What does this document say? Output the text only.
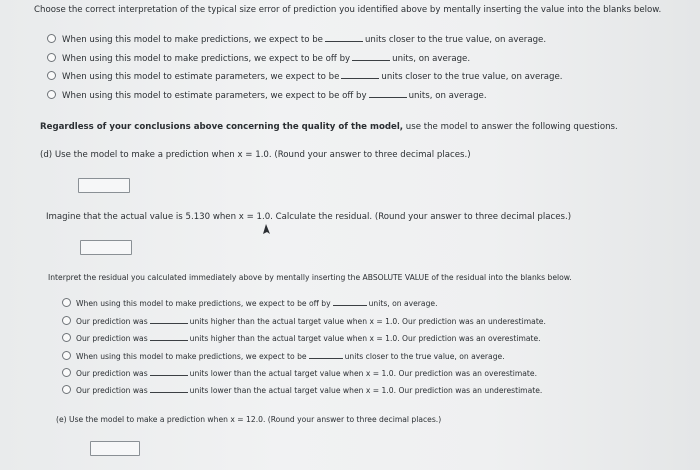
Choose the correct interpretation of the typical size error of prediction you identified above by mentally inserting the value into the blanks below.
When using this model to make predictions, we expect to be	units closer to the true value, on average.
When using this model to make predictions, we expect to be off by	units, on average.
When using this model to estimate parameters, we expect to be	units closer to the true value, on average.
When using this model to estimate parameters, we expect to be off by	units, on average.
Regardless of your conclusions above concerning the quality of the model, use the model to answer the following questions.
(d) Use the model to make a prediction when x = 1.0. (Round your answer to three decimal places.)
Imagine that the actual value is 5.130 when x = 1.0. Calculate the residual. (Round your answer to three decimal places.)
Interpret the residual you calculated immediately above by mentally inserting the ABSOLUTE VALUE of the residual into the blanks below.
When using this model to make predictions, we expect to be off by	units, on average.
Our prediction was	units higher than the actual target value when x = 1.0. Our prediction was an underestimate.
Our prediction was	units higher than the actual target value when x = 1.0. Our prediction was an overestimate.
When using this model to make predictions, we expect to be	units closer to the true value, on average.
Our prediction was	units lower than the actual target value when x = 1.0. Our prediction was an overestimate.
Our prediction was	units lower than the actual target value when x = 1.0. Our prediction was an underestimate.
(e) Use the model to make a prediction when x = 12.0. (Round your answer to three decimal places.)
